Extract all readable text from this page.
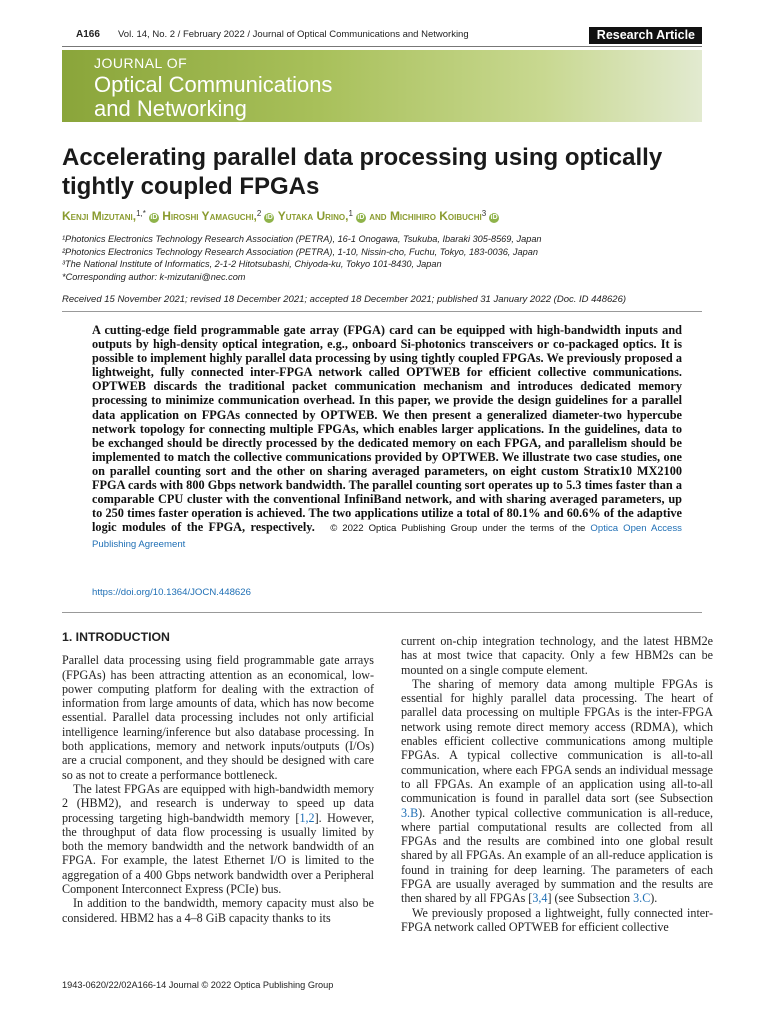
A166 Vol. 14, No. 2 / February 2022 / Journal of Optical Communications and Networking	Research Article
JOURNAL OF
Optical Communications
and Networking
Accelerating parallel data processing using optically tightly coupled FPGAs
Kenji Mizutani,$^{1,*}$ iD Hiroshi Yamaguchi,$^2$ iD Yutaka Urino,$^1$ iD and Michihiro Koibuchi$^3$ iD
¹Photonics Electronics Technology Research Association (PETRA), 16-1 Onogawa, Tsukuba, Ibaraki 305-8569, Japan
²Photonics Electronics Technology Research Association (PETRA), 1-10, Nissin-cho, Fuchu, Tokyo, 183-0036, Japan
³The National Institute of Informatics, 2-1-2 Hitotsubashi, Chiyoda-ku, Tokyo 101-8430, Japan
*Corresponding author: k-mizutani@nec.com
Received 15 November 2021; revised 18 December 2021; accepted 18 December 2021; published 31 January 2022 (Doc. ID 448626)
A cutting-edge field programmable gate array (FPGA) card can be equipped with high-bandwidth inputs and outputs by high-density optical integration, e.g., onboard Si-photonics transceivers or co-packaged optics. It is possible to implement highly parallel data processing by using tightly coupled FPGAs. We previously proposed a lightweight, fully connected inter-FPGA network called OPTWEB for efficient collective communications. OPTWEB discards the traditional packet communication mechanism and introduces dedicated memory processing to minimize communication overhead. In this paper, we provide the design guidelines for a parallel data application on FPGAs connected by OPTWEB. We then present a generalized diameter-two hypercube network topology for connecting multiple FPGAs, which enables larger applications. In the guidelines, data to be exchanged should be directly processed by the dedicated memory on each FPGA, and parallelism should be implemented to match the collective communications provided by OPTWEB. We illustrate two case studies, one on parallel counting sort and the other on sharing averaged parameters, on eight custom Stratix10 MX2100 FPGA cards with 800 Gbps network bandwidth. The parallel counting sort operates up to 5.3 times faster than a comparable CPU cluster with the conventional InfiniBand network, and with sharing averaged parameters, up to 250 times faster operation is achieved. The two applications utilize a total of 80.1% and 60.6% of the adaptive logic modules of the FPGA, respectively. © 2022 Optica Publishing Group under the terms of the Optica Open Access Publishing Agreement
https://doi.org/10.1364/JOCN.448626
1. INTRODUCTION

Parallel data processing using field programmable gate arrays (FPGAs) has been attracting attention as an economical, low-power computing platform for dealing with the extraction of information from large amounts of data, which has now become essential. Parallel data processing includes not only artificial intelligence learning/inference but also database processing. In both applications, memory and network inputs/outputs (I/Os) are a crucial component, and they should be designed with care so as not to create a performance bottleneck.

The latest FPGAs are equipped with high-bandwidth memory 2 (HBM2), and research is underway to speed up data processing targeting high-bandwidth memory [1,2]. However, the throughput of data flow processing is usually limited by both the memory bandwidth and the network bandwidth of an FPGA. For example, the latest Ethernet I/O is limited to the aggregation of a 400 Gbps network bandwidth over a Peripheral Component Interconnect Express (PCIe) bus.

In addition to the bandwidth, memory capacity must also be considered. HBM2 has a 4–8 GiB capacity thanks to its

current on-chip integration technology, and the latest HBM2e has at most twice that capacity. Only a few HBM2s can be mounted on a single compute element.

The sharing of memory data among multiple FPGAs is essential for highly parallel data processing. The heart of parallel data processing on multiple FPGAs is the inter-FPGA network using remote direct memory access (RDMA), which enables efficient collective communications among multiple FPGAs. A typical collective communication is all-to-all communication, where each FPGA sends an individual message to all FPGAs. An example of an application using all-to-all communication is found in parallel data sort (see Subsection 3.B). Another typical collective communication is all-reduce, where partial computational results are collected from all FPGAs and the results are combined into one global result shared by all FPGAs. An example of an all-reduce application is found in training for deep learning. The parameters of each FPGA are usually averaged by summation and the results are then shared by all FPGAs [3,4] (see Subsection 3.C).

We previously proposed a lightweight, fully connected inter-FPGA network called OPTWEB for efficient collective

1943-0620/22/02A166-14 Journal © 2022 Optica Publishing Group
